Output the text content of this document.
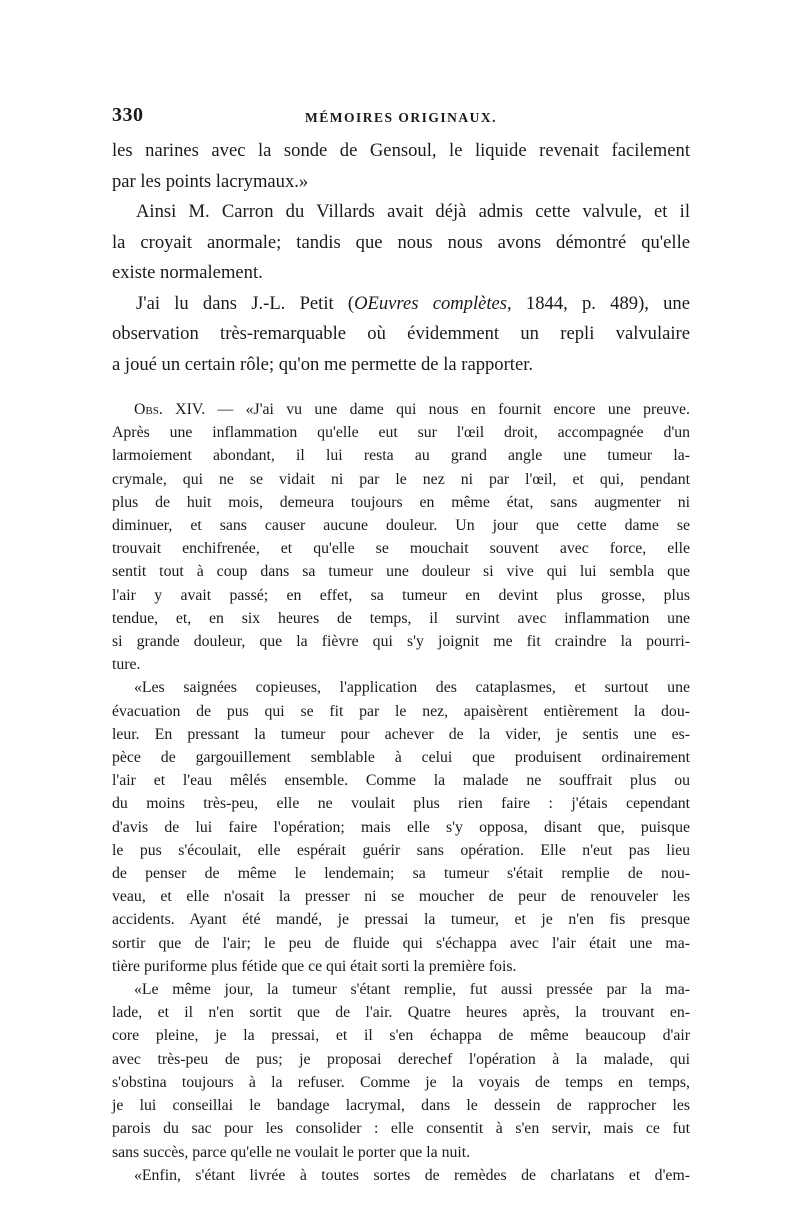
330	MÉMOIRES ORIGINAUX.
les narines avec la sonde de Gensoul, le liquide revenait facilement
par les points lacrymaux.»
Ainsi M. Carron du Villards avait déjà admis cette valvule, et il
la croyait anormale; tandis que nous nous avons démontré qu'elle
existe normalement.
J'ai lu dans J.-L. Petit (OEuvres complètes, 1844, p. 489), une
observation très-remarquable où évidemment un repli valvulaire
a joué un certain rôle; qu'on me permette de la rapporter.
Obs. XIV. — «J'ai vu une dame qui nous en fournit encore une preuve.
Après une inflammation qu'elle eut sur l'œil droit, accompagnée d'un
larmoiement abondant, il lui resta au grand angle une tumeur la-
crymale, qui ne se vidait ni par le nez ni par l'œil, et qui, pendant
plus de huit mois, demeura toujours en même état, sans augmenter ni
diminuer, et sans causer aucune douleur. Un jour que cette dame se
trouvait enchifrenée, et qu'elle se mouchait souvent avec force, elle
sentit tout à coup dans sa tumeur une douleur si vive qui lui sembla que
l'air y avait passé; en effet, sa tumeur en devint plus grosse, plus
tendue, et, en six heures de temps, il survint avec inflammation une
si grande douleur, que la fièvre qui s'y joignit me fit craindre la pourri-
ture.
«Les saignées copieuses, l'application des cataplasmes, et surtout une
évacuation de pus qui se fit par le nez, apaisèrent entièrement la dou-
leur. En pressant la tumeur pour achever de la vider, je sentis une es-
pèce de gargouillement semblable à celui que produisent ordinairement
l'air et l'eau mêlés ensemble. Comme la malade ne souffrait plus ou
du moins très-peu, elle ne voulait plus rien faire : j'étais cependant
d'avis de lui faire l'opération; mais elle s'y opposa, disant que, puisque
le pus s'écoulait, elle espérait guérir sans opération. Elle n'eut pas lieu
de penser de même le lendemain; sa tumeur s'était remplie de nou-
veau, et elle n'osait la presser ni se moucher de peur de renouveler les
accidents. Ayant été mandé, je pressai la tumeur, et je n'en fis presque
sortir que de l'air; le peu de fluide qui s'échappa avec l'air était une ma-
tière puriforme plus fétide que ce qui était sorti la première fois.
«Le même jour, la tumeur s'étant remplie, fut aussi pressée par la ma-
lade, et il n'en sortit que de l'air. Quatre heures après, la trouvant en-
core pleine, je la pressai, et il s'en échappa de même beaucoup d'air
avec très-peu de pus; je proposai derechef l'opération à la malade, qui
s'obstina toujours à la refuser. Comme je la voyais de temps en temps,
je lui conseillai le bandage lacrymal, dans le dessein de rapprocher les
parois du sac pour les consolider : elle consentit à s'en servir, mais ce fut
sans succès, parce qu'elle ne voulait le porter que la nuit.
«Enfin, s'étant livrée à toutes sortes de remèdes de charlatans et d'em-
